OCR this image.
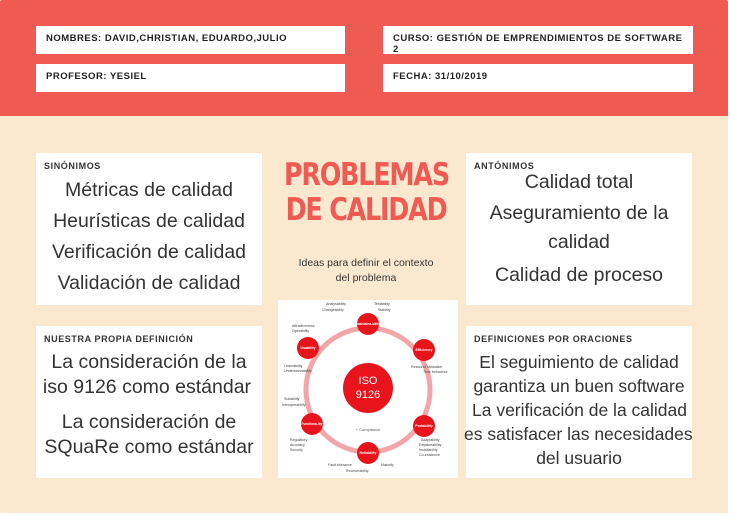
NOMBRES: DAVID,CHRISTIAN, EDUARDO,JULIO	CURSO: GESTIÓN DE EMPRENDIMIENTOS DE SOFTWARE 2
PROFESOR: YESIEL	FECHA: 31/10/2019
SINÓNIMOS
Métricas de calidad
Heurísticas de calidad
Verificación de calidad
Validación de calidad
ANTÓNIMOS
Calidad total
Aseguramiento de la
calidad
Calidad de proceso
NUESTRA PROPIA DEFINICIÓN
La consideración de la
iso 9126 como estándar
La consideración de
SQuaRe como estándar
DEFINICIONES POR ORACIONES
El seguimiento de calidad
garantiza un buen software
La verificación de la calidad
es satisfacer las necesidades
del usuario
PROBLEMAS
DE CALIDAD
Ideas para definir el contexto
del problema
ISO
9126
+ Compliance
Maintaina-bility
Efficiency
Portability
Reliability
Functiona-lity
Usability
Analysability
Changeability
Testability
Stability
Resource utilisation
Time behaviour
Adaptability
Replaceability
Installability
Co-existence
Fault tolerance	Maturity
Recoverability
Suitability
Interoperability
Regulatory
Accuracy
Security
Attractiveness
Operability
Learnability
Understandability
